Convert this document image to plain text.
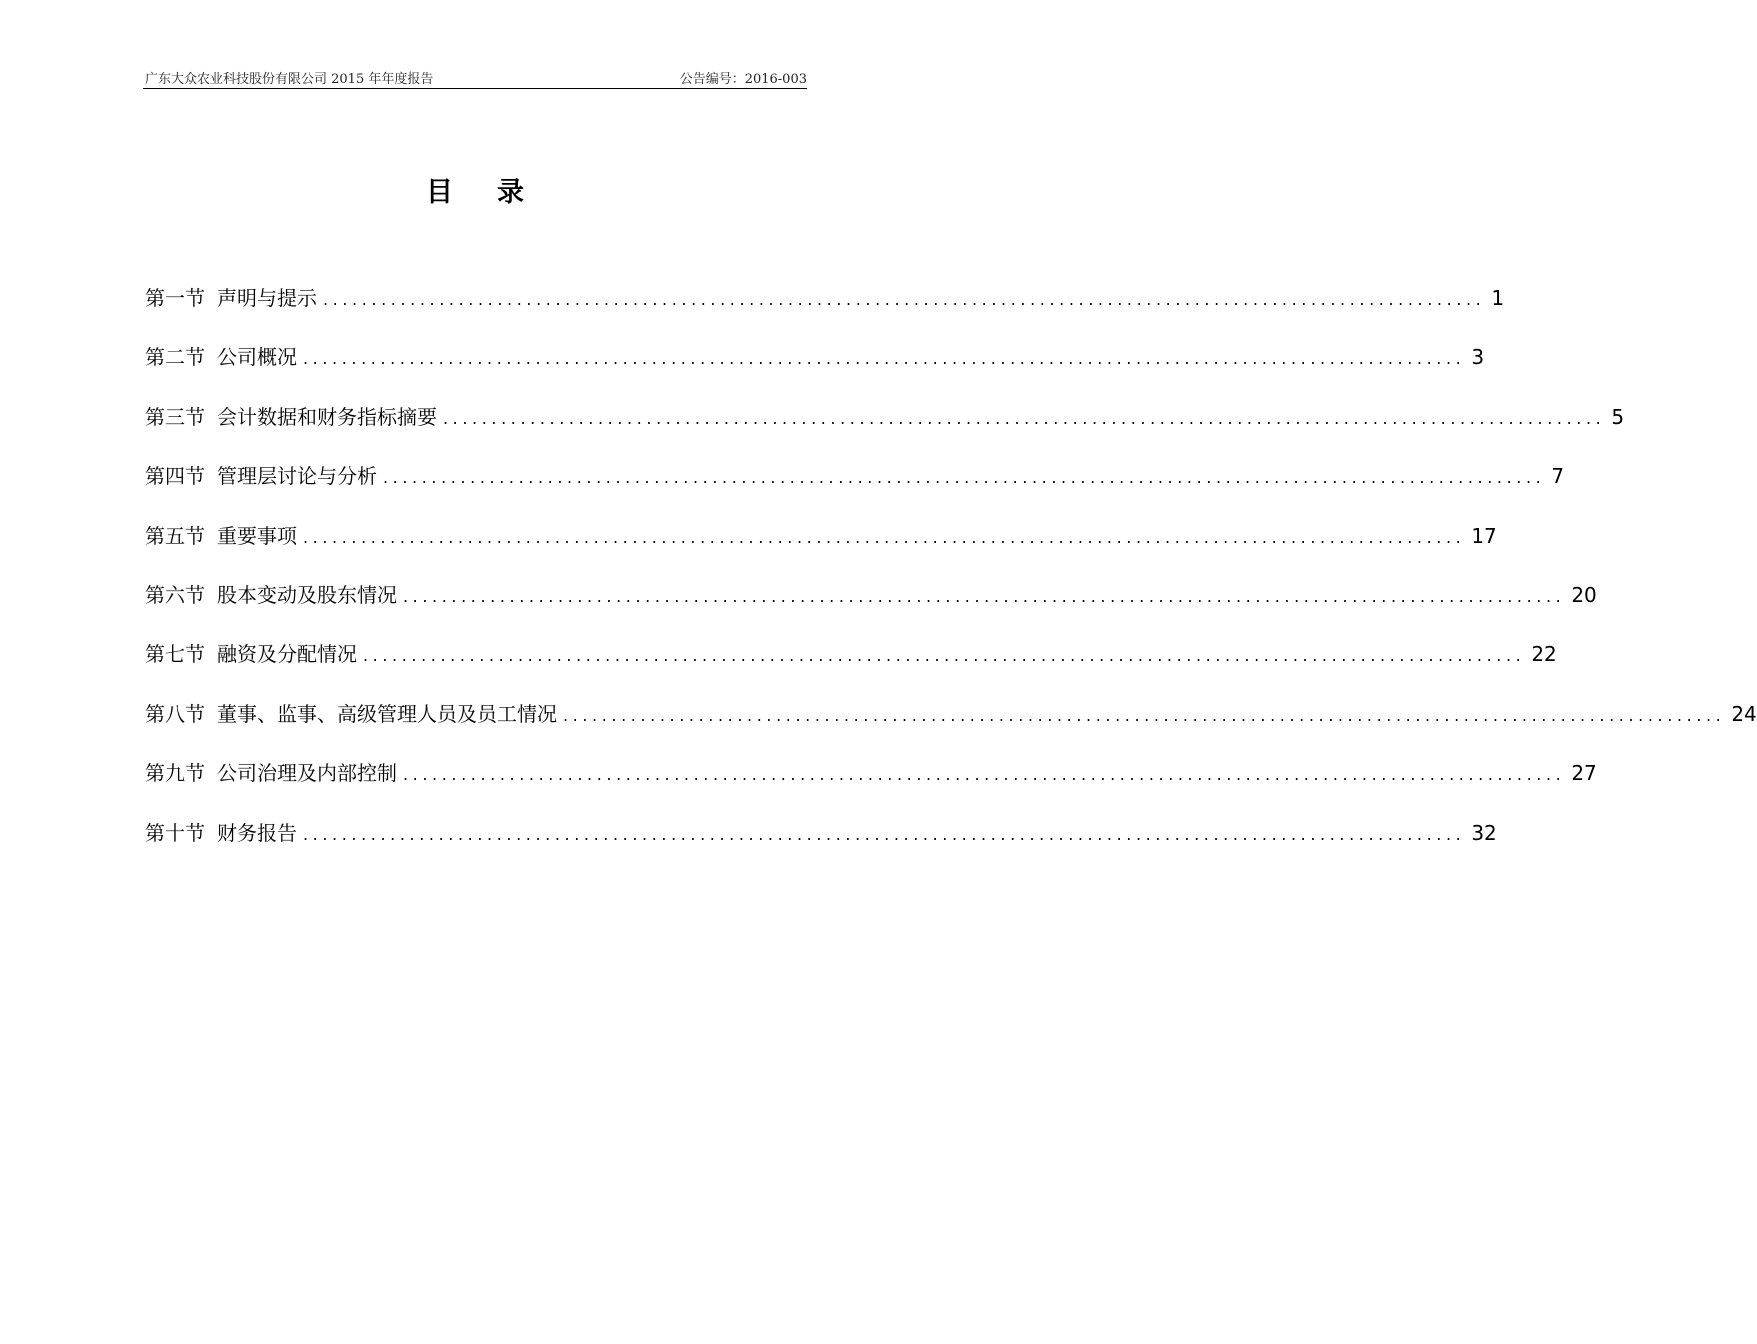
广东大众农业科技股份有限公司 2015 年年度报告	公告编号：2016-003
目录
第一节 声明与提示 ........................................................................................................................ 1
第二节 公司概况 ........................................................................................................................ 3
第三节 会计数据和财务指标摘要 ........................................................................................................................ 5
第四节 管理层讨论与分析 ........................................................................................................................ 7
第五节 重要事项 ........................................................................................................................ 17
第六节 股本变动及股东情况 ........................................................................................................................ 20
第七节 融资及分配情况 ........................................................................................................................ 22
第八节 董事、监事、高级管理人员及员工情况 ........................................................................................................................ 24
第九节 公司治理及内部控制 ........................................................................................................................ 27
第十节 财务报告 ........................................................................................................................ 32
